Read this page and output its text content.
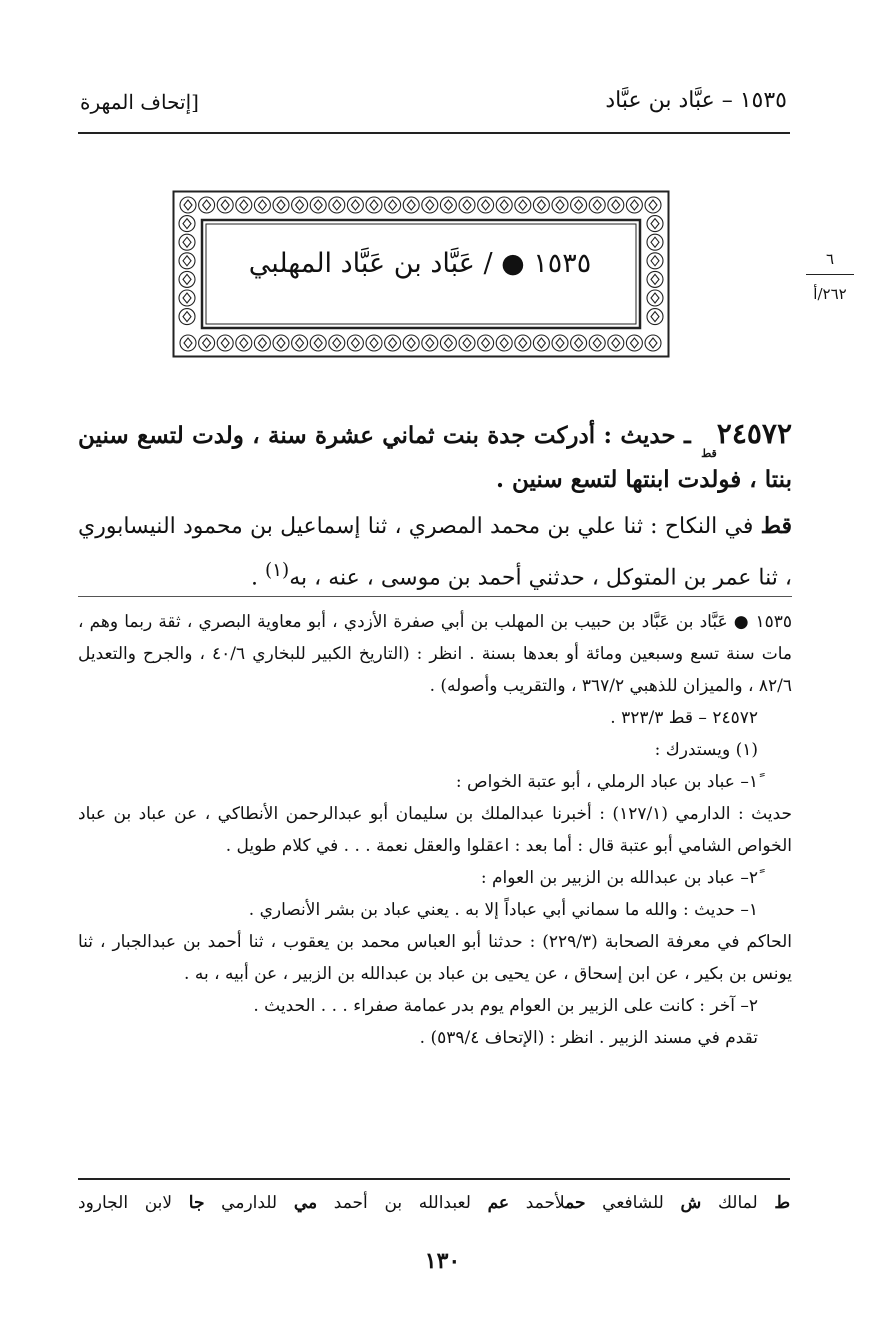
١٥٣٥ – عبَّاد بن عبَّاد
[إتحاف المهرة
١٥٣٥ ● / عَبَّاد بن عَبَّاد المهلبي	٦
٢٦٢/أ

$٢٤٥٧٢_{قط}$ ـ حديث : أدركت جدة بنت ثماني عشرة سنة ، ولدت لتسع سنين بنتا ، فولدت ابنتها لتسع سنين .

قط في النكاح : ثنا علي بن محمد المصري ، ثنا إسماعيل بن محمود النيسابوري ، ثنا عمر بن المتوكل ، حدثني أحمد بن موسى ، عنه ، به$^{(١)}$ .

١٥٣٥ ● عَبَّاد بن عَبَّاد بن حبيب بن المهلب بن أبي صفرة الأزدي ، أبو معاوية البصري ، ثقة ربما وهم ، مات سنة تسع وسبعين ومائة أو بعدها بسنة . انظر : (التاريخ الكبير للبخاري ٤٠/٦ ، والجرح والتعديل ٨٢/٦ ، والميزان للذهبي ٣٦٧/٢ ، والتقريب وأصوله) .

٢٤٥٧٢ – قط ٣٢٣/٣ .

(١) ويستدرك :

١ً– عباد بن عباد الرملي ، أبو عتبة الخواص :

حديث : الدارمي (١٢٧/١) : أخبرنا عبدالملك بن سليمان أبو عبدالرحمن الأنطاكي ، عن عباد بن عباد الخواص الشامي أبو عتبة قال : أما بعد : اعقلوا والعقل نعمة . . . في كلام طويل .

٢ً– عباد بن عبدالله بن الزبير بن العوام :

١– حديث : والله ما سماني أبي عباداً إلا به . يعني عباد بن بشر الأنصاري .

الحاكم في معرفة الصحابة (٢٢٩/٣) : حدثنا أبو العباس محمد بن يعقوب ، ثنا أحمد بن عبدالجبار ، ثنا يونس بن بكير ، عن ابن إسحاق ، عن يحيى بن عباد بن عبدالله بن الزبير ، عن أبيه ، به .

٢– آخر : كانت على الزبير بن العوام يوم بدر عمامة صفراء . . . الحديث .

تقدم في مسند الزبير . انظر : (الإتحاف ٥٣٩/٤) .

ط لمالك ش للشافعي حملأحمد عم لعبدالله بن أحمد مي للدارمي جا لابن الجارود
١٣٠
